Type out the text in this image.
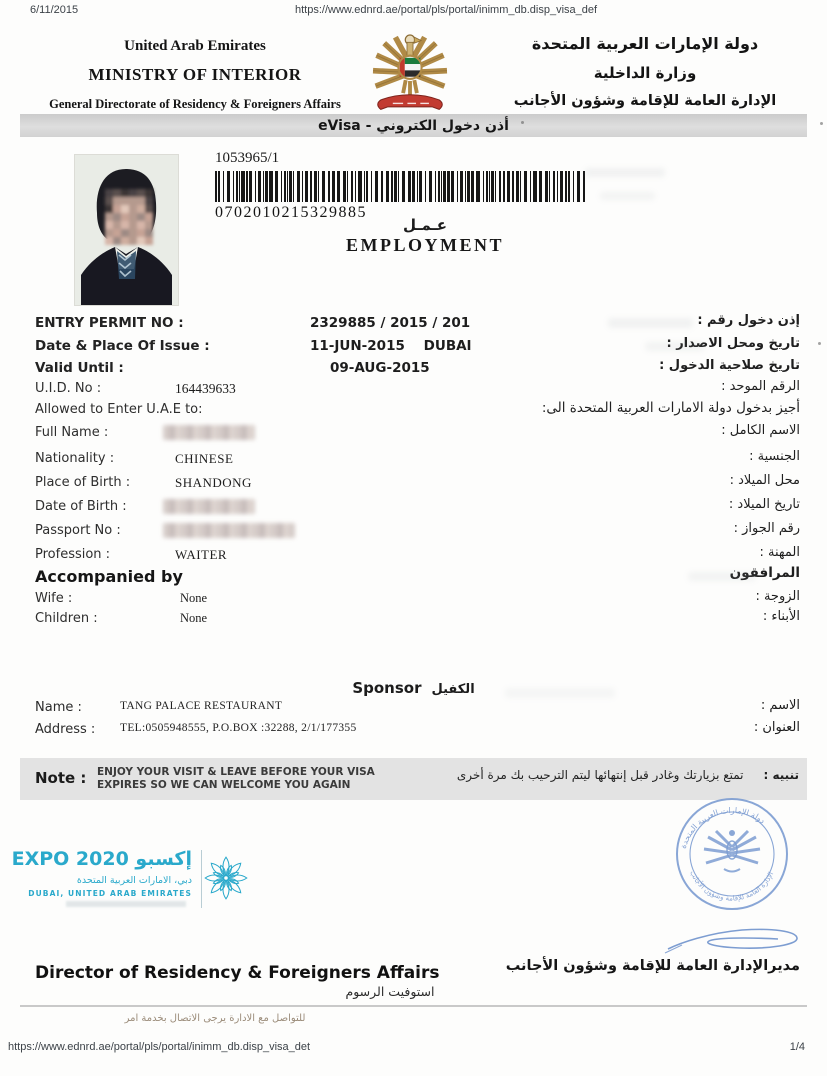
6/11/2015	https://www.ednrd.ae/portal/pls/portal/inimm_db.disp_visa_def
United Arab Emirates
MINISTRY OF INTERIOR
General Directorate of Residency & Foreigners Affairs
دولة الإمارات العربية المتحدة
وزارة الداخلية
الإدارة العامة للإقامة وشؤون الأجانب
أذن دخول الكتروني - eVisa
1053965/1
0702010215329885
عـمـل
EMPLOYMENT
ENTRY PERMIT NO :	2329885 / 2015 / 201	إذن دخول رقم :
Date & Place Of Issue :	11-JUN-2015    DUBAI	تاريخ ومحل الاصدار :
Valid Until :	09-AUG-2015	تاريخ صلاحية الدخول :
U.I.D. No :	164439633	الرقم الموحد :
Allowed to Enter U.A.E to:	أجيز بدخول دولة الامارات العربية المتحدة الى:
Full Name :	الاسم الكامل :
Nationality :	CHINESE	الجنسية :
Place of Birth :	SHANDONG	محل الميلاد :
Date of Birth :	تاريخ الميلاد :
Passport No :	رقم الجواز :
Profession :	WAITER	المهنة :
Accompanied by	المرافقون
Wife :	None	الزوجة :
Children :	None	الأبناء :
Sponsor الكفيل
Name :	TANG PALACE RESTAURANT	الاسم :
Address : TEL:0505948555, P.O.BOX :32288, 2/1/177355	العنوان :
Note : ENJOY YOUR VISIT & LEAVE BEFORE YOUR VISA
EXPIRES SO WE CAN WELCOME YOU AGAIN
تنبيه :
تمتع بزيارتك وغادر قبل إنتهائها ليتم الترحيب بك مرة أخرى
EXPO 2020 إكسبو
دبي، الامارات العربية المتحدة
DUBAI, UNITED ARAB EMIRATES
دولة الإمارات العربية المتحدة
الإدارة العامة للإقامة وشؤون الأجانب
Director of Residency & Foreigners Affairs	مديرالإدارة العامة للإقامة وشؤون الأجانب
استوفيت الرسوم
للتواصل مع الادارة يرجى الاتصال بخدمة امر
https://www.ednrd.ae/portal/pls/portal/inimm_db.disp_visa_det	1/4
